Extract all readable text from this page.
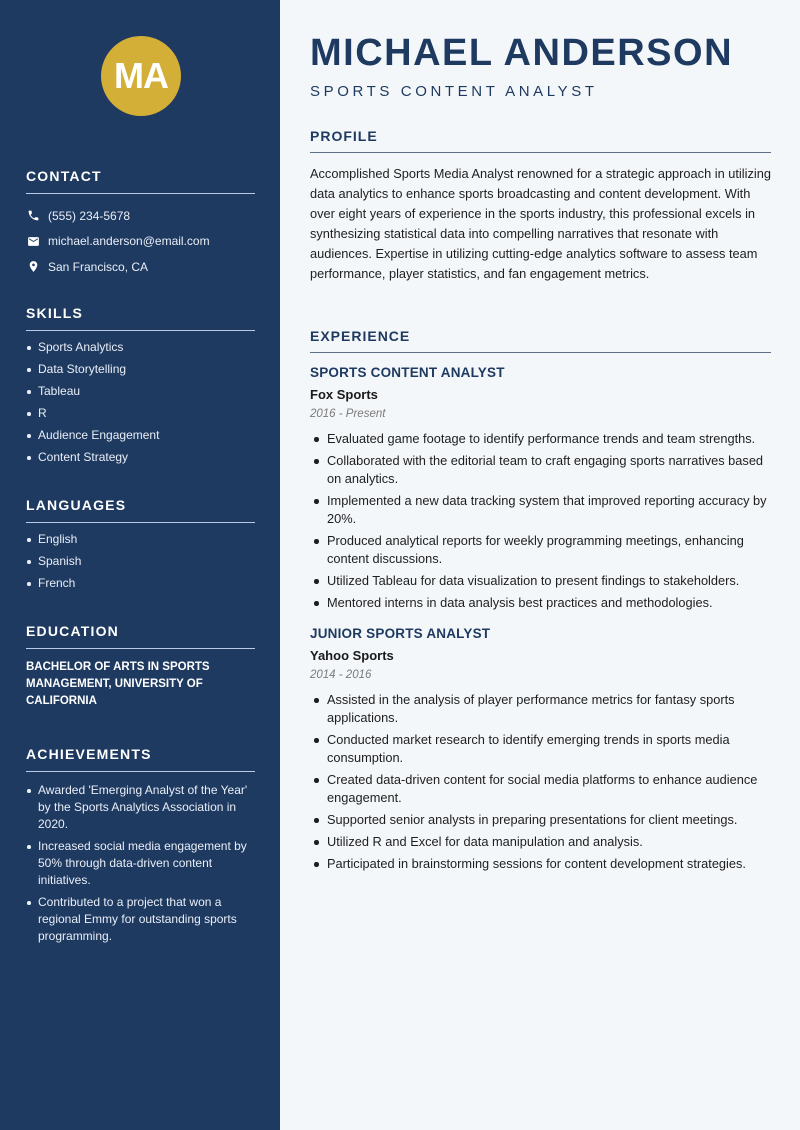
MA
CONTACT
(555) 234-5678
michael.anderson@email.com
San Francisco, CA
SKILLS
Sports Analytics
Data Storytelling
Tableau
R
Audience Engagement
Content Strategy
LANGUAGES
English
Spanish
French
EDUCATION
BACHELOR OF ARTS IN SPORTS MANAGEMENT, UNIVERSITY OF CALIFORNIA
ACHIEVEMENTS
Awarded 'Emerging Analyst of the Year' by the Sports Analytics Association in 2020.
Increased social media engagement by 50% through data-driven content initiatives.
Contributed to a project that won a regional Emmy for outstanding sports programming.
MICHAEL ANDERSON
SPORTS CONTENT ANALYST
PROFILE

Accomplished Sports Media Analyst renowned for a strategic approach in utilizing data analytics to enhance sports broadcasting and content development. With over eight years of experience in the sports industry, this professional excels in synthesizing statistical data into compelling narratives that resonate with audiences. Expertise in utilizing cutting-edge analytics software to assess team performance, player statistics, and fan engagement metrics.

EXPERIENCE
SPORTS CONTENT ANALYST
Fox Sports
2016 - Present
Evaluated game footage to identify performance trends and team strengths.
Collaborated with the editorial team to craft engaging sports narratives based on analytics.
Implemented a new data tracking system that improved reporting accuracy by 20%.
Produced analytical reports for weekly programming meetings, enhancing content discussions.
Utilized Tableau for data visualization to present findings to stakeholders.
Mentored interns in data analysis best practices and methodologies.
JUNIOR SPORTS ANALYST
Yahoo Sports
2014 - 2016
Assisted in the analysis of player performance metrics for fantasy sports applications.
Conducted market research to identify emerging trends in sports media consumption.
Created data-driven content for social media platforms to enhance audience engagement.
Supported senior analysts in preparing presentations for client meetings.
Utilized R and Excel for data manipulation and analysis.
Participated in brainstorming sessions for content development strategies.
